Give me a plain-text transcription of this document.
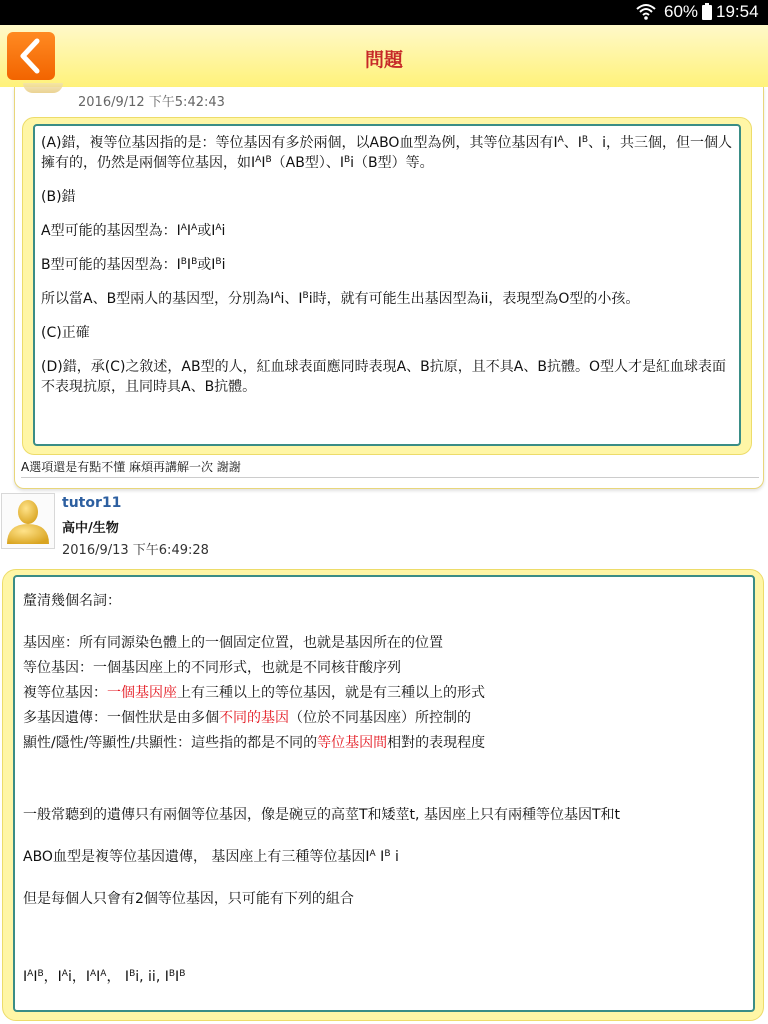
60% 19:54
問題
2016/9/12 下午5:42:43

(A)錯，複等位基因指的是：等位基因有多於兩個，以ABO血型為例，其等位基因有$I^A$、$I^B$、i，共三個，但一個人擁有的，仍然是兩個等位基因，如$I^AI^B(AB$型）、$I^Bi(B$型）等。

(B)錯

A型可能的基因型為：$I^AI^A$或$I^Ai$

B型可能的基因型為：$I^BI^B$或$I^Bi$

所以當A、B型兩人的基因型，分別為$I^Ai$、$I^Bi$時，就有可能生出基因型為ii，表現型為O型的小孩。

(C)正確

(D)錯，承(C)之敘述，AB型的人，紅血球表面應同時表現A、B抗原，且不具A、B抗體。O型人才是紅血球表面不表現抗原，且同時具A、B抗體。

A選項還是有點不懂 麻煩再講解一次 謝謝
tutor11
高中/生物
2016/9/13 下午6:49:28

釐清幾個名詞：

基因座：所有同源染色體上的一個固定位置，也就是基因所在的位置

等位基因：一個基因座上的不同形式，也就是不同核苷酸序列

複等位基因：一個基因座上有三種以上的等位基因，就是有三種以上的形式

多基因遺傳：一個性狀是由多個不同的基因（位於不同基因座）所控制的

顯性/隱性/等顯性/共顯性：這些指的都是不同的等位基因間相對的表現程度

一般常聽到的遺傳只有兩個等位基因，像是碗豆的高莖T和矮莖t, 基因座上只有兩種等位基因T和t

ABO血型是複等位基因遺傳， 基因座上有三種等位基因$I^A$ $I^B$ i

但是每個人只會有2個等位基因，只可能有下列的組合

$I^AI^B$，$I^Ai$，$I^AI^A$， $I^Bi$, ii, $I^BI^B$
